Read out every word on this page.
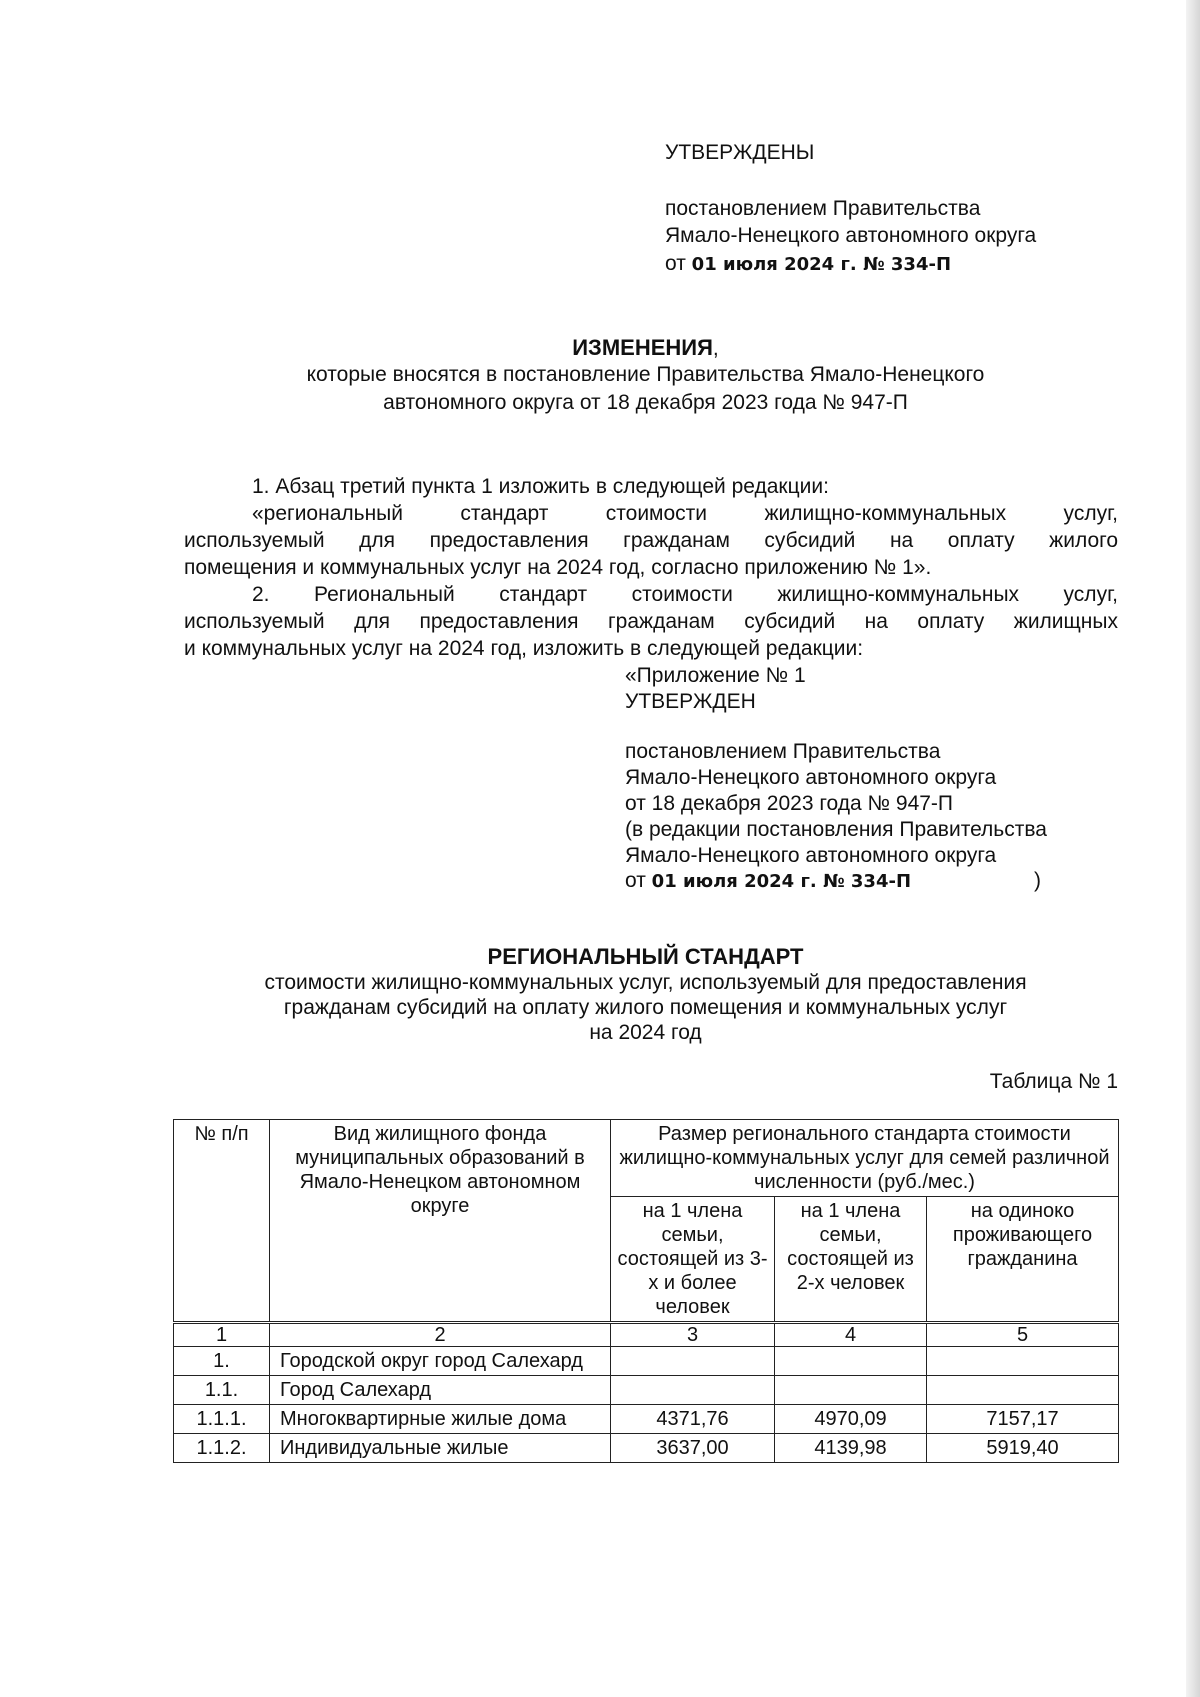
УТВЕРЖДЕНЫ
постановлением Правительства
Ямало-Ненецкого автономного округа
от 01 июля 2024 г. № 334-П
ИЗМЕНЕНИЯ,
которые вносятся в постановление Правительства Ямало-Ненецкого
автономного округа от 18 декабря 2023 года № 947-П
1. Абзац третий пункта 1 изложить в следующей редакции:
«региональный стандарт стоимости жилищно-коммунальных услуг,
используемый для предоставления гражданам субсидий на оплату жилого
помещения и коммунальных услуг на 2024 год, согласно приложению № 1».
2. Региональный стандарт стоимости жилищно-коммунальных услуг,
используемый для предоставления гражданам субсидий на оплату жилищных
и коммунальных услуг на 2024 год, изложить в следующей редакции:
«Приложение № 1
УТВЕРЖДЕН
постановлением Правительства
Ямало-Ненецкого автономного округа
от 18 декабря 2023 года № 947-П
(в редакции постановления Правительства
Ямало-Ненецкого автономного округа
от 01 июля 2024 г. № 334-П	)
РЕГИОНАЛЬНЫЙ СТАНДАРТ
стоимости жилищно-коммунальных услуг, используемый для предоставления
гражданам субсидий на оплату жилого помещения и коммунальных услуг
на 2024 год
Таблица № 1
№ п/п	Вид жилищного фонда муниципальных образований в Ямало-Ненецком автономном округе	Размер регионального стандарта стоимости жилищно-коммунальных услуг для семей различной численности (руб./мес.)		
		на 1 члена семьи, состоящей из 3-х и более человек	на 1 члена семьи, состоящей из 2-х человек	на одиноко проживающего гражданина
1	2	3	4	5
1.	Городской округ город Салехард			
1.1.	Город Салехард			
1.1.1.	Многоквартирные жилые дома	4371,76	4970,09	7157,17
1.1.2.	Индивидуальные жилые	3637,00	4139,98	5919,40
